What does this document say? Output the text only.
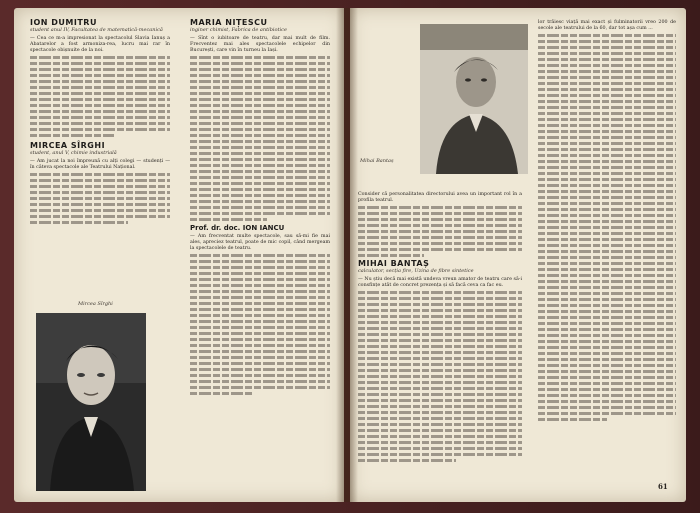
ION DUMITRU
student anul IV, Facultatea de matematică-mecanică
— Cea ce m-a impresionat la spectacolul Slavia Ianuș a Abatarelor a fost armoniza-rea, lucru mai rar în spectacole obișnuite de la noi.
MIRCEA SÎRGHI
student, anul V, chimie industrială
— Am jucat la noi împreună cu alți colegi — studenți — în câteva spectacole ale Teatrului Național.
Mircea Sîrghi
MARIA NIȚESCU
inginer chimist, Fabrica de antibiotice
— Sînt o iubitoare de teatru, dar mai mult de film. Frecventez mai ales spectacolele echipelor din București, care vin în turneu la Iași.
Prof. dr. doc. ION IANCU
— Am frecventat multe spectacole, sau să-mi fie mai ales, apreciez teatrul, poate de mic copil, când mergeam la spectacolele de teatru.
Mihai Bantaș
Consider că personalitatea directorului avea un important rol în a profila teatrul.
MIHAI BANTAȘ
calculator, secția fire, Uzina de fibre sintetice
— Nu știu decă mai există undeva vreun amator de teatru care să-i consfințe atât de concret prezența și să facă ceva ca fac eu.
lor trăiesc viață mai exact și fulminatorii vreo 200 de secole ale teatrului de la 60, dar tot așa cum ...
61
